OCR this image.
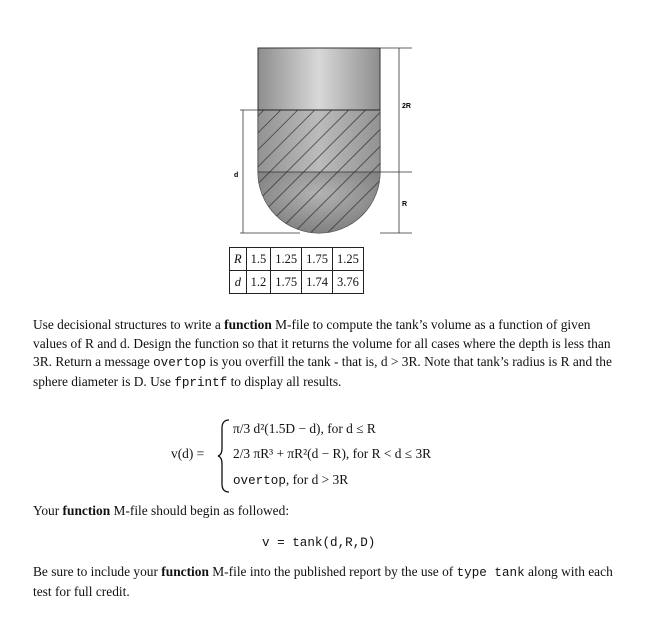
2R
R
d
R	1.5	1.25	1.75	1.25
d	1.2	1.75	1.74	3.76

Use decisional structures to write a function M-file to compute the tank’s volume as a function of given values of R and d. Design the function so that it returns the volume for all cases where the depth is less than 3R. Return a message overtop is you overfill the tank - that is, d > 3R. Note that tank’s radius is R and the sphere diameter is D. Use fprintf to display all results.

v(d) =
π/3 d²(1.5D − d), for d ≤ R
2/3 πR³ + πR²(d − R), for R < d ≤ 3R
overtop, for d > 3R

Your function M-file should begin as followed:

v = tank(d,R,D)

Be sure to include your function M-file into the published report by the use of type tank along with each test for full credit.
